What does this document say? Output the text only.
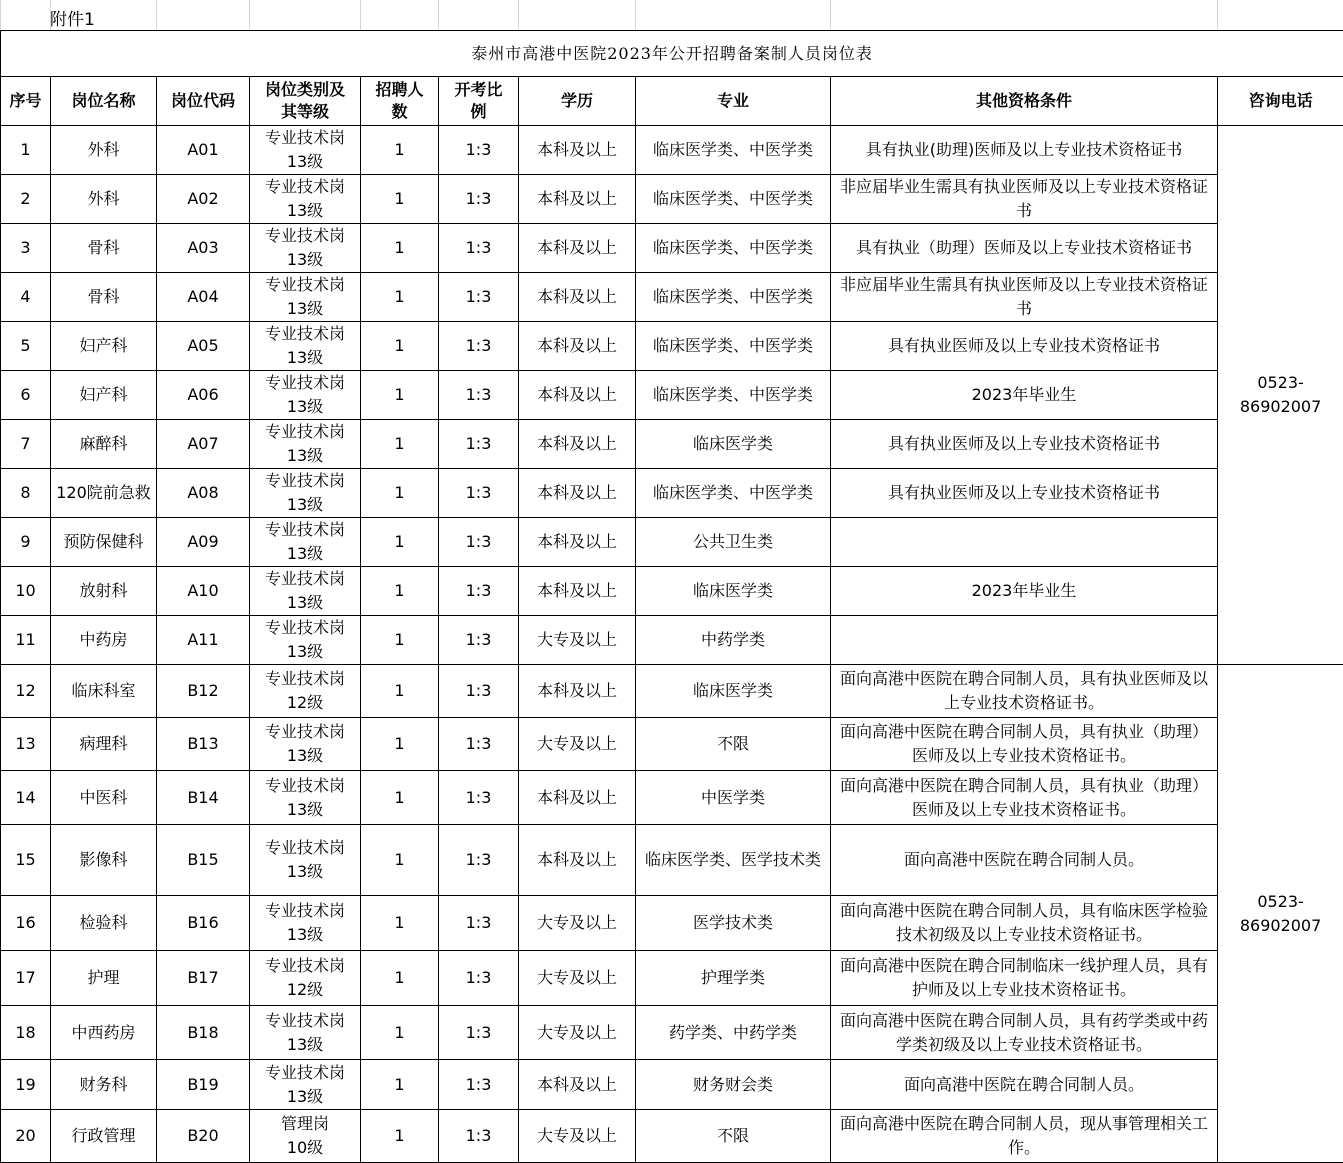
附件1
泰州市高港中医院2023年公开招聘备案制人员岗位表									
序号	岗位名称	岗位代码	岗位类别及
其等级	招聘人
数	开考比
例	学历	专业	其他资格条件	咨询电话
1	外科	A01	专业技术岗
13级	1	1:3	本科及以上	临床医学类、中医学类	具有执业(助理)医师及以上专业技术资格证书	0523-86902007
2	外科	A02	专业技术岗
13级	1	1:3	本科及以上	临床医学类、中医学类	非应届毕业生需具有执业医师及以上专业技术资格证书	
3	骨科	A03	专业技术岗
13级	1	1:3	本科及以上	临床医学类、中医学类	具有执业（助理）医师及以上专业技术资格证书	
4	骨科	A04	专业技术岗
13级	1	1:3	本科及以上	临床医学类、中医学类	非应届毕业生需具有执业医师及以上专业技术资格证书	
5	妇产科	A05	专业技术岗
13级	1	1:3	本科及以上	临床医学类、中医学类	具有执业医师及以上专业技术资格证书	
6	妇产科	A06	专业技术岗
13级	1	1:3	本科及以上	临床医学类、中医学类	2023年毕业生	
7	麻醉科	A07	专业技术岗
13级	1	1:3	本科及以上	临床医学类	具有执业医师及以上专业技术资格证书	
8	120院前急救	A08	专业技术岗
13级	1	1:3	本科及以上	临床医学类、中医学类	具有执业医师及以上专业技术资格证书	
9	预防保健科	A09	专业技术岗
13级	1	1:3	本科及以上	公共卫生类		
10	放射科	A10	专业技术岗
13级	1	1:3	本科及以上	临床医学类	2023年毕业生	
11	中药房	A11	专业技术岗
13级	1	1:3	大专及以上	中药学类		
12	临床科室	B12	专业技术岗
12级	1	1:3	本科及以上	临床医学类	面向高港中医院在聘合同制人员，具有执业医师及以上专业技术资格证书。	0523-86902007
13	病理科	B13	专业技术岗
13级	1	1:3	大专及以上	不限	面向高港中医院在聘合同制人员，具有执业（助理）医师及以上专业技术资格证书。	
14	中医科	B14	专业技术岗
13级	1	1:3	本科及以上	中医学类	面向高港中医院在聘合同制人员，具有执业（助理）医师及以上专业技术资格证书。	
15	影像科	B15	专业技术岗
13级	1	1:3	本科及以上	临床医学类、医学技术类	面向高港中医院在聘合同制人员。	
16	检验科	B16	专业技术岗
13级	1	1:3	大专及以上	医学技术类	面向高港中医院在聘合同制人员，具有临床医学检验技术初级及以上专业技术资格证书。	
17	护理	B17	专业技术岗
12级	1	1:3	大专及以上	护理学类	面向高港中医院在聘合同制临床一线护理人员，具有护师及以上专业技术资格证书。	
18	中西药房	B18	专业技术岗
13级	1	1:3	大专及以上	药学类、中药学类	面向高港中医院在聘合同制人员，具有药学类或中药学类初级及以上专业技术资格证书。	
19	财务科	B19	专业技术岗
13级	1	1:3	本科及以上	财务财会类	面向高港中医院在聘合同制人员。	
20	行政管理	B20	管理岗
10级	1	1:3	大专及以上	不限	面向高港中医院在聘合同制人员，现从事管理相关工作。	
